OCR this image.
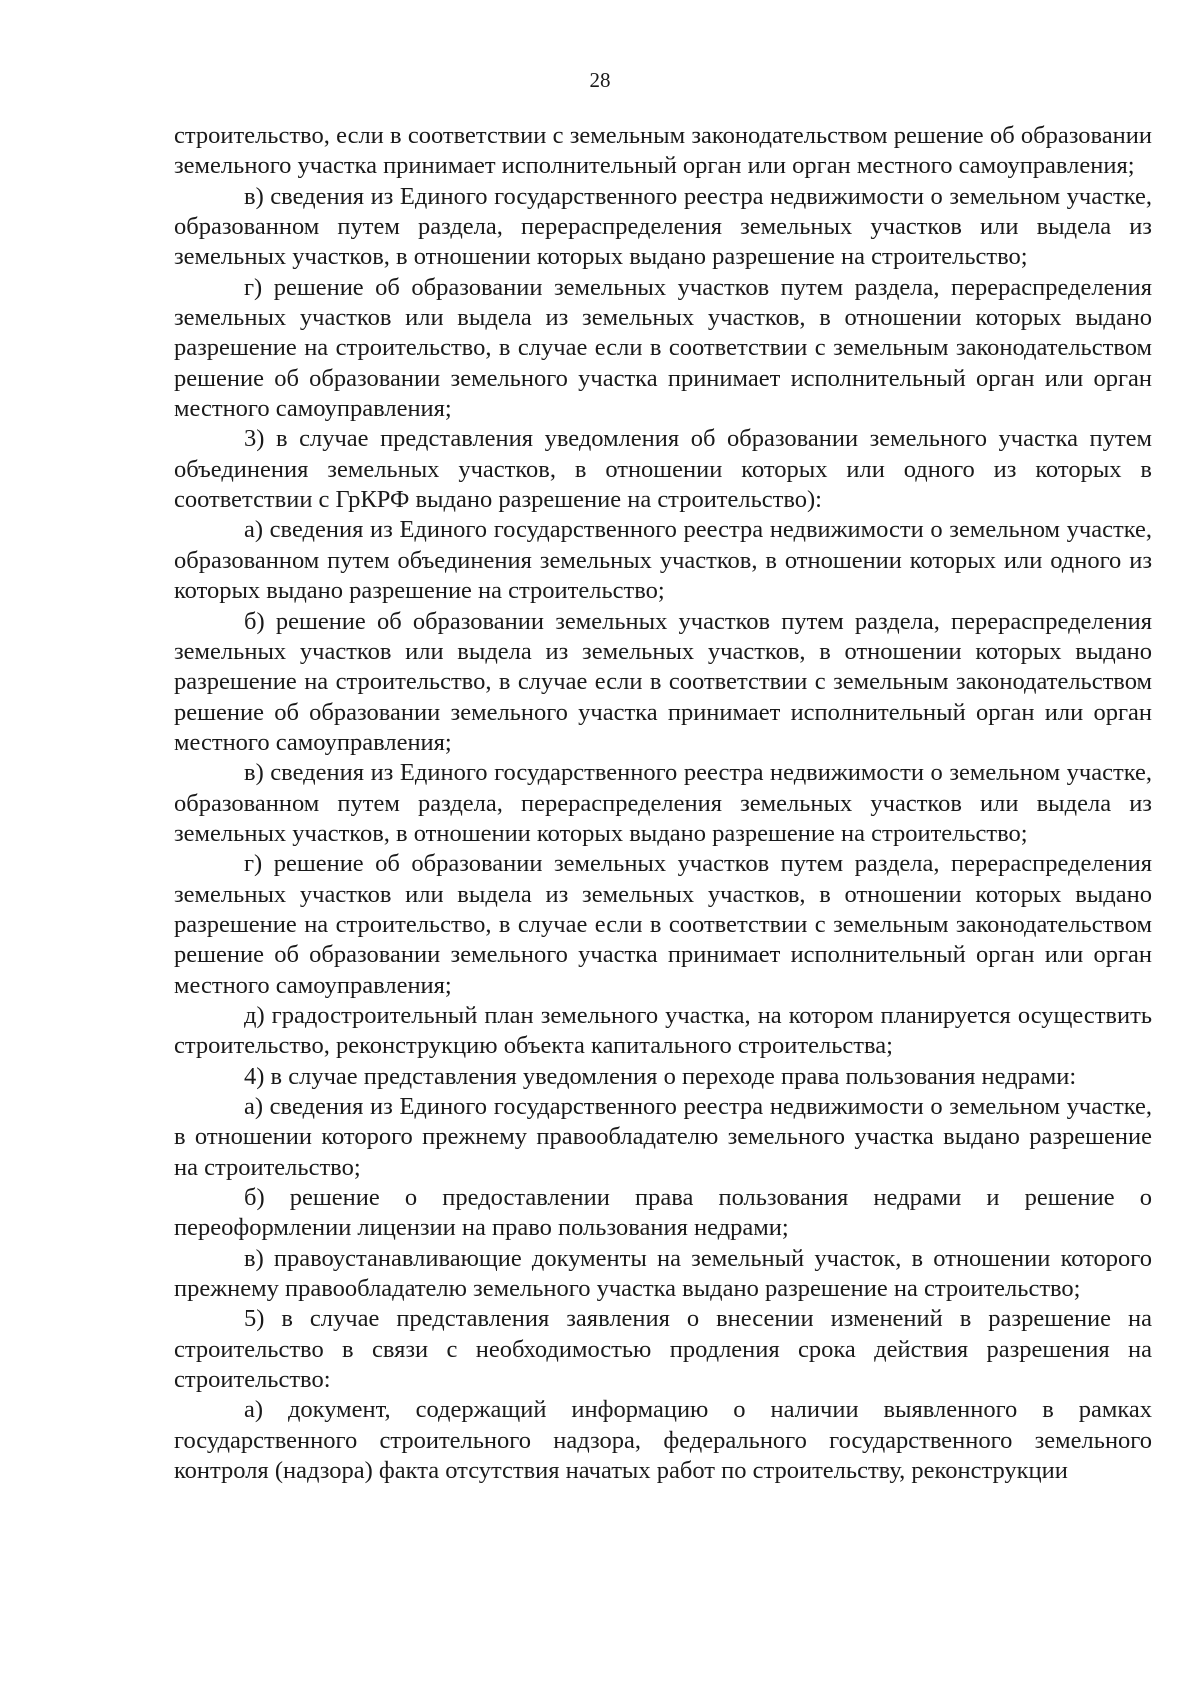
28

строительство, если в соответствии с земельным законодательством решение об образовании земельного участка принимает исполнительный орган или орган местного самоуправления;

в) сведения из Единого государственного реестра недвижимости о земельном участке, образованном путем раздела, перераспределения земельных участков или выдела из земельных участков, в отношении которых выдано разрешение на строительство;

г) решение об образовании земельных участков путем раздела, перераспределения земельных участков или выдела из земельных участков, в отношении которых выдано разрешение на строительство, в случае если в соответствии с земельным законодательством решение об образовании земельного участка принимает исполнительный орган или орган местного самоуправления;

3) в случае представления уведомления об образовании земельного участка путем объединения земельных участков, в отношении которых или одного из которых в соответствии с ГрКРФ выдано разрешение на строительство):

а) сведения из Единого государственного реестра недвижимости о земельном участке, образованном путем объединения земельных участков, в отношении которых или одного из которых выдано разрешение на строительство;

б) решение об образовании земельных участков путем раздела, перераспределения земельных участков или выдела из земельных участков, в отношении которых выдано разрешение на строительство, в случае если в соответствии с земельным законодательством решение об образовании земельного участка принимает исполнительный орган или орган местного самоуправления;

в) сведения из Единого государственного реестра недвижимости о земельном участке, образованном путем раздела, перераспределения земельных участков или выдела из земельных участков, в отношении которых выдано разрешение на строительство;

г) решение об образовании земельных участков путем раздела, перераспределения земельных участков или выдела из земельных участков, в отношении которых выдано разрешение на строительство, в случае если в соответствии с земельным законодательством решение об образовании земельного участка принимает исполнительный орган или орган местного самоуправления;

д) градостроительный план земельного участка, на котором планируется осуществить строительство, реконструкцию объекта капитального строительства;

4) в случае представления уведомления о переходе права пользования недрами:

а) сведения из Единого государственного реестра недвижимости о земельном участке, в отношении которого прежнему правообладателю земельного участка выдано разрешение на строительство;

б) решение о предоставлении права пользования недрами и решение о переоформлении лицензии на право пользования недрами;

в) правоустанавливающие документы на земельный участок, в отношении которого прежнему правообладателю земельного участка выдано разрешение на строительство;

5) в случае представления заявления о внесении изменений в разрешение на строительство в связи с необходимостью продления срока действия разрешения на строительство:

а) документ, содержащий информацию о наличии выявленного в рамках государственного строительного надзора, федерального государственного земельного контроля (надзора) факта отсутствия начатых работ по строительству, реконструкции
